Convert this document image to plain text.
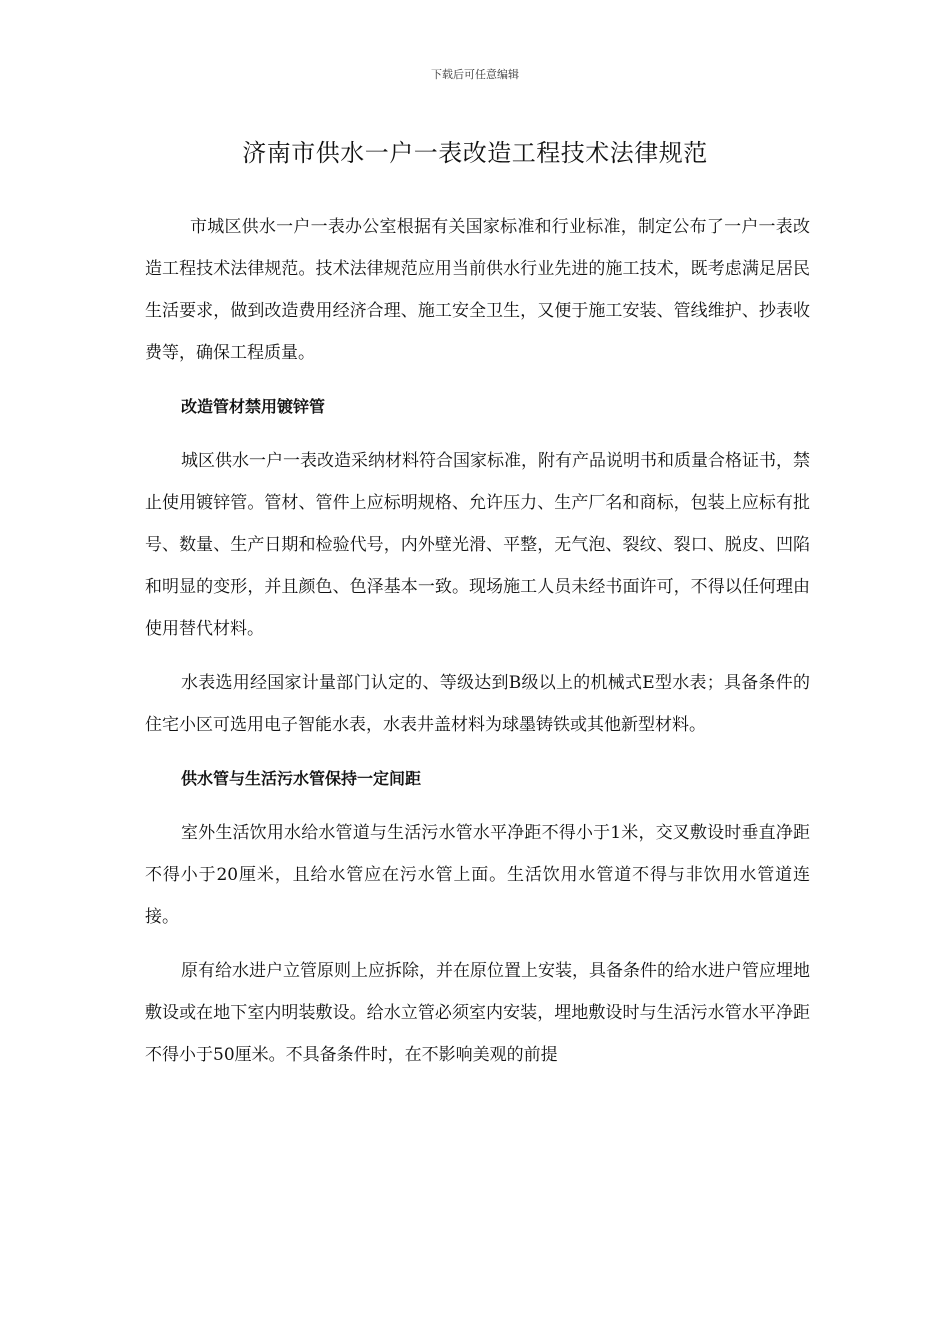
下载后可任意编辑
济南市供水一户一表改造工程技术法律规范

市城区供水一户一表办公室根据有关国家标准和行业标准，制定公布了一户一表改造工程技术法律规范。技术法律规范应用当前供水行业先进的施工技术，既考虑满足居民生活要求，做到改造费用经济合理、施工安全卫生，又便于施工安装、管线维护、抄表收费等，确保工程质量。

改造管材禁用镀锌管

城区供水一户一表改造采纳材料符合国家标准，附有产品说明书和质量合格证书，禁止使用镀锌管。管材、管件上应标明规格、允许压力、生产厂名和商标，包装上应标有批号、数量、生产日期和检验代号，内外壁光滑、平整，无气泡、裂纹、裂口、脱皮、凹陷和明显的变形，并且颜色、色泽基本一致。现场施工人员未经书面许可，不得以任何理由使用替代材料。

水表选用经国家计量部门认定的、等级达到B级以上的机械式E型水表；具备条件的住宅小区可选用电子智能水表，水表井盖材料为球墨铸铁或其他新型材料。

供水管与生活污水管保持一定间距

室外生活饮用水给水管道与生活污水管水平净距不得小于1米，交叉敷设时垂直净距不得小于20厘米，且给水管应在污水管上面。生活饮用水管道不得与非饮用水管道连接。

原有给水进户立管原则上应拆除，并在原位置上安装，具备条件的给水进户管应埋地敷设或在地下室内明装敷设。给水立管必须室内安装，埋地敷设时与生活污水管水平净距不得小于50厘米。不具备条件时，在不影响美观的前提
